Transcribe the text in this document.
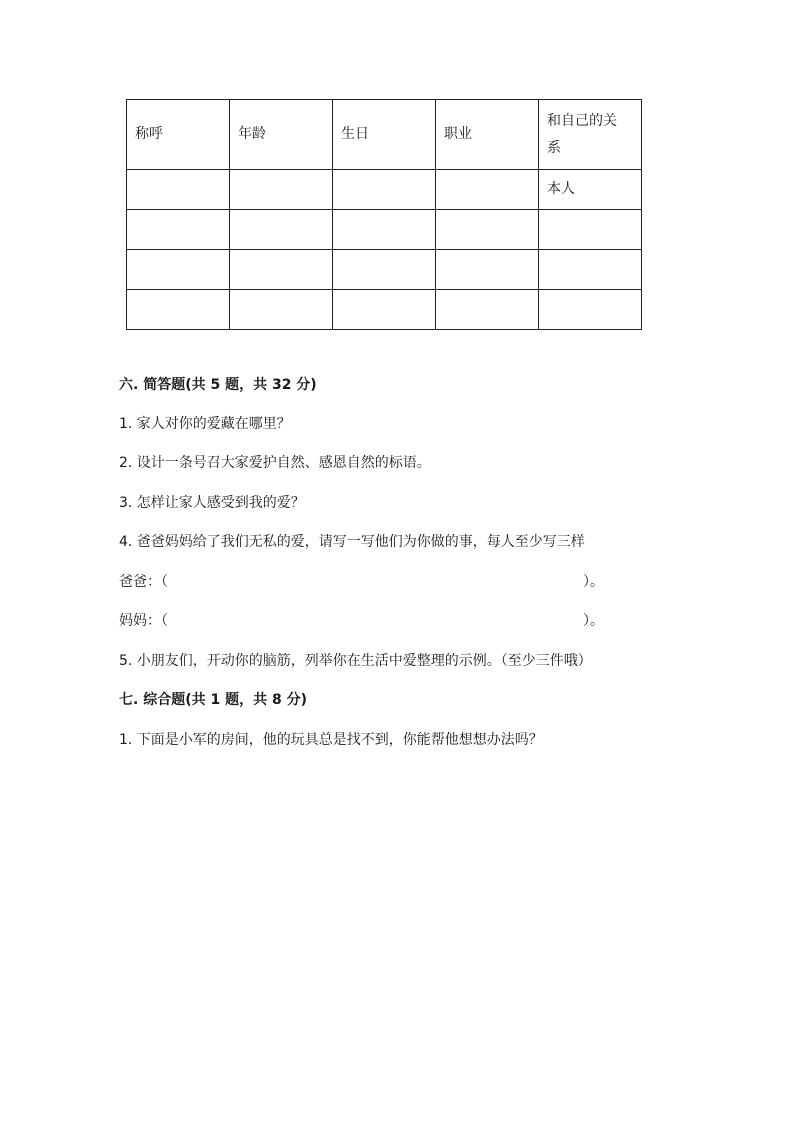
称呼	年龄	生日	职业	和自己的关系
				本人

六. 简答题(共 5 题，共 32 分)
1. 家人对你的爱藏在哪里？
2. 设计一条号召大家爱护自然、感恩自然的标语。
3. 怎样让家人感受到我的爱？
4. 爸爸妈妈给了我们无私的爱，请写一写他们为你做的事，每人至少写三样
爸爸：（	）。
妈妈：（	）。
5. 小朋友们，开动你的脑筋，列举你在生活中爱整理的示例。（至少三件哦）
七. 综合题(共 1 题，共 8 分)
1. 下面是小军的房间，他的玩具总是找不到，你能帮他想想办法吗？
